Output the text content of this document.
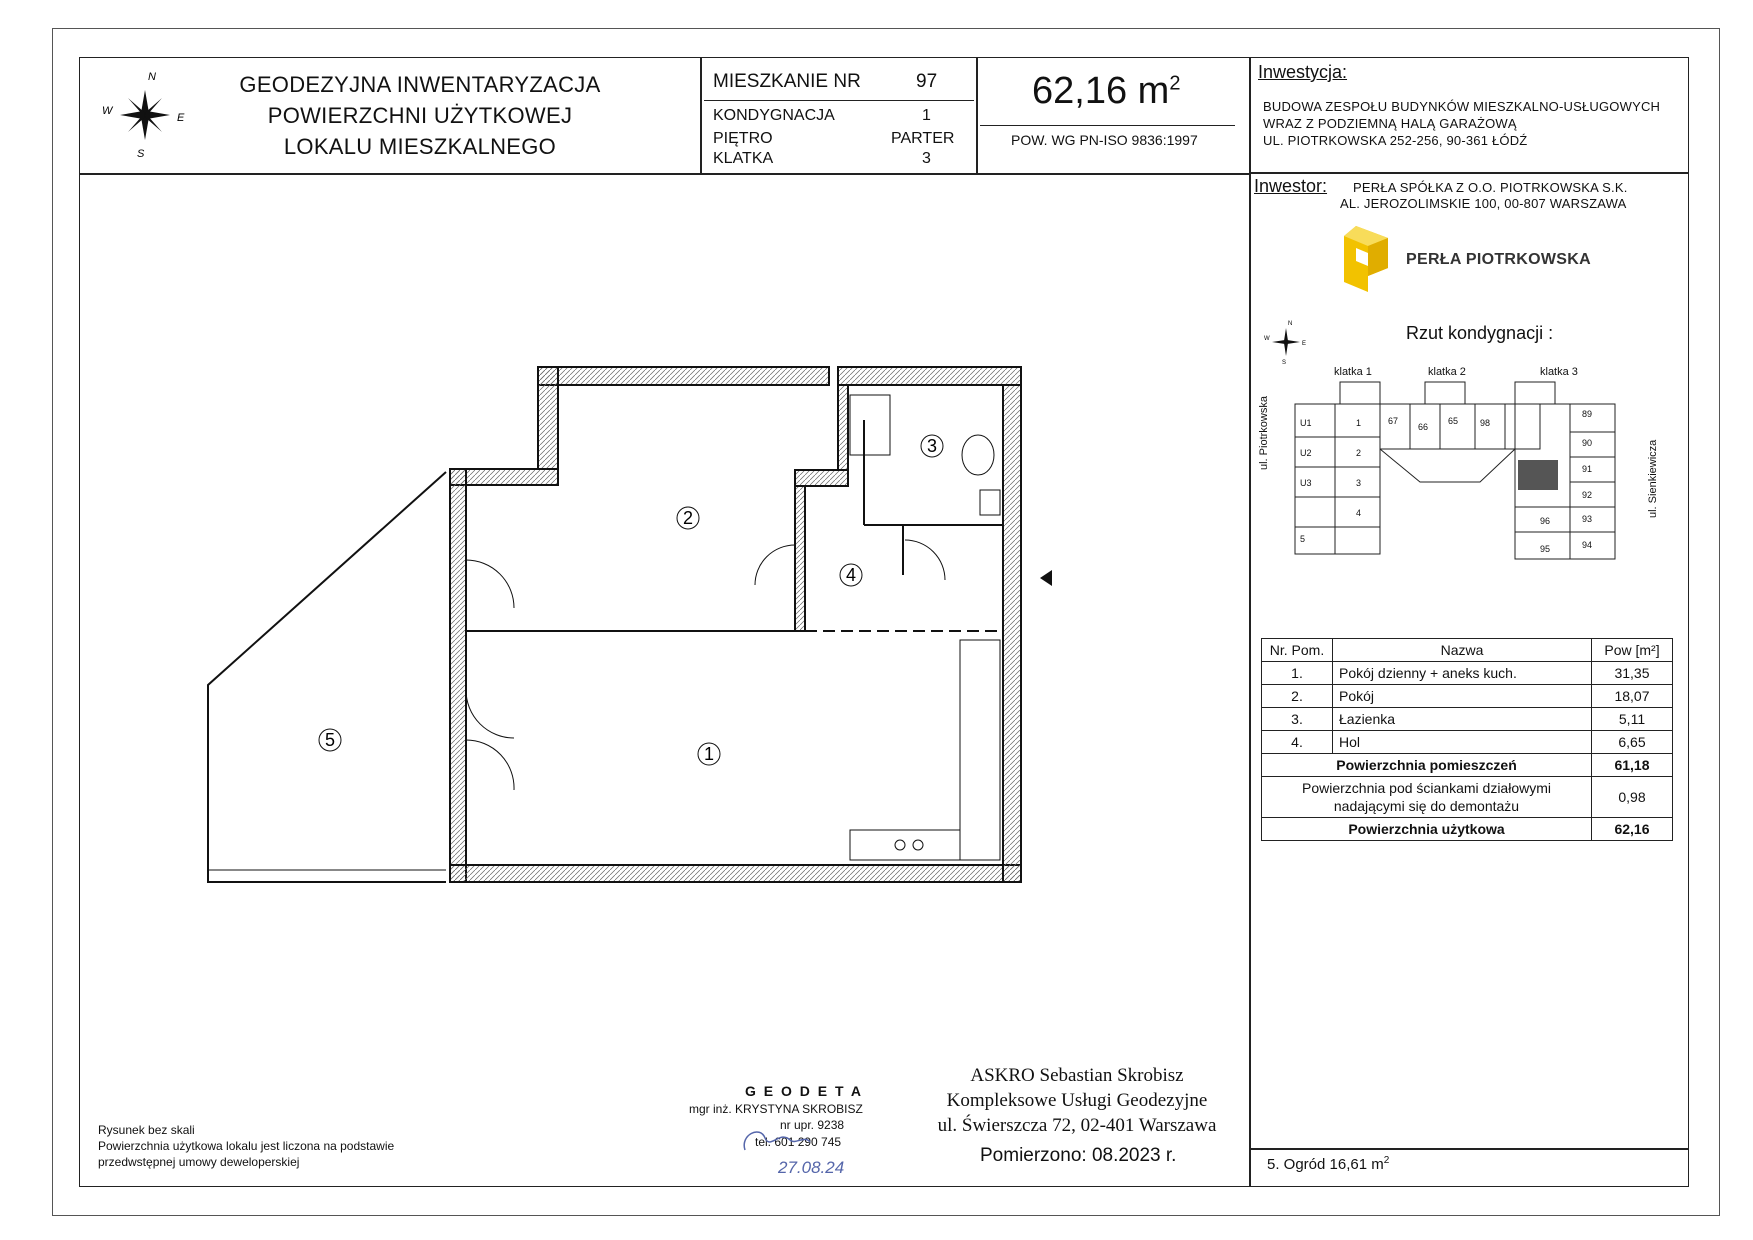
N
E
S
W
GEODEZYJNA INWENTARYZACJA
POWIERZCHNI UŻYTKOWEJ
LOKALU MIESZKALNEGO
MIESZKANIE NR	97
KONDYGNACJA	1
PIĘTRO	PARTER
KLATKA	3
62,16 $m^2$
POW. WG PN-ISO 9836:1997
Inwestycja:
BUDOWA ZESPOŁU BUDYNKÓW MIESZKALNO-USŁUGOWYCH
WRAZ Z PODZIEMNĄ HALĄ GARAŻOWĄ
UL. PIOTRKOWSKA 252-256, 90-361 ŁÓDŹ
Inwestor: PERŁA SPÓŁKA Z O.O. PIOTRKOWSKA S.K.
AL. JEROZOLIMSKIE 100, 00-807 WARSZAWA
PERŁA PIOTRKOWSKA
Rzut kondygnacji :
N
E
S
W
klatka 1	klatka 2	klatka 3
ul. Piotrkowska
ul. Sienkiewicza
U1
U2
U3
1
2
3
4
5
67
66
65 98
89
90
91
92
93
94
95
96
Nr. Pom.	Nazwa	Pow [m²]
1.	Pokój dzienny + aneks kuch.	31,35
2.	Pokój	18,07
3.	Łazienka	5,11
4.	Hol	6,65
Powierzchnia pomieszczeń		61,18
Powierzchnia pod ściankami działowymi
nadającymi się do demontażu		0,98
Powierzchnia użytkowa		62,16
1
2
3
4
5
Rysunek bez skali
Powierzchnia użytkowa lokalu jest liczona na podstawie
przedwstępnej umowy deweloperskiej
G E O D E T A
mgr inż. KRYSTYNA SKROBISZ
nr upr. 9238
tel. 601 290 745
27.08.24
ASKRO Sebastian Skrobisz
Kompleksowe Usługi Geodezyjne
ul. Świerszcza 72, 02-401 Warszawa
Pomierzono: 08.2023 r.	5. Ogród 16,61 $m^2$
